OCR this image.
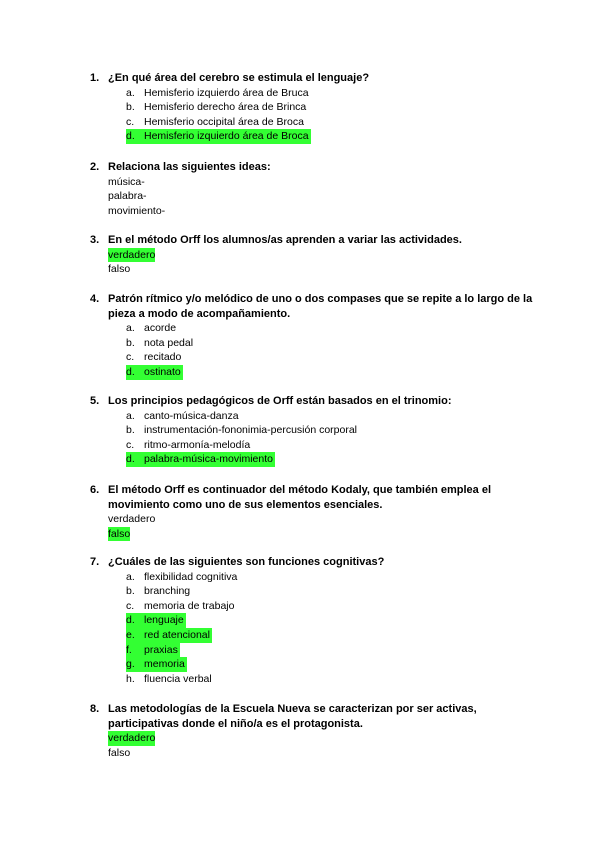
1. ¿En qué área del cerebro se estimula el lenguaje?
a. Hemisferio izquierdo área de Bruca
b. Hemisferio derecho área de Brinca
c. Hemisferio occipital área de Broca
d. Hemisferio izquierdo área de Broca
2. Relaciona las siguientes ideas:
música-
palabra-
movimiento-
3. En el método Orff los alumnos/as aprenden a variar las actividades.
verdadero
falso
4. Patrón rítmico y/o melódico de uno o dos compases que se repite a lo largo de la pieza a modo de acompañamiento.
a. acorde
b. nota pedal
c. recitado
d. ostinato
5. Los principios pedagógicos de Orff están basados en el trinomio:
a. canto-música-danza
b. instrumentación-fononimia-percusión corporal
c. ritmo-armonía-melodía
d. palabra-música-movimiento
6. El método Orff es continuador del método Kodaly, que también emplea el movimiento como uno de sus elementos esenciales.
verdadero
falso
7. ¿Cuáles de las siguientes son funciones cognitivas?
a. flexibilidad cognitiva
b. branching
c. memoria de trabajo
d. lenguaje
e. red atencional
f.	praxias
g. memoria
h. fluencia verbal
8. Las metodologías de la Escuela Nueva se caracterizan por ser activas, participativas donde el niño/a es el protagonista.
verdadero
falso
